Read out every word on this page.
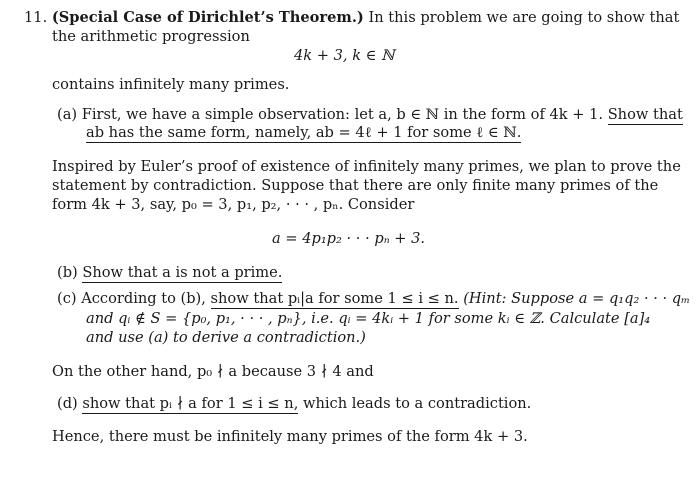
11. (Special Case of Dirichlet’s Theorem.) In this problem we are going to show that
the arithmetic progression
4k + 3, k ∈ ℕ
contains infinitely many primes.
(a) First, we have a simple observation: let a, b ∈ ℕ in the form of 4k + 1. Show that
ab has the same form, namely, ab = 4ℓ + 1 for some ℓ ∈ ℕ.
Inspired by Euler’s proof of existence of infinitely many primes, we plan to prove the
statement by contradiction. Suppose that there are only finite many primes of the
form 4k + 3, say, p₀ = 3, p₁, p₂, · · · , pₙ. Consider
a = 4p₁p₂ · · · pₙ + 3.
(b) Show that a is not a prime.
(c) According to (b), show that pᵢ|a for some 1 ≤ i ≤ n. (Hint: Suppose a = q₁q₂ · · · qₘ
and qᵢ ∉ S = {p₀, p₁, · · · , pₙ}, i.e. qᵢ = 4kᵢ + 1 for some kᵢ ∈ ℤ. Calculate [a]₄
and use (a) to derive a contradiction.)
On the other hand, p₀ ∤ a because 3 ∤ 4 and
(d) show that pᵢ ∤ a for 1 ≤ i ≤ n, which leads to a contradiction.
Hence, there must be infinitely many primes of the form 4k + 3.
